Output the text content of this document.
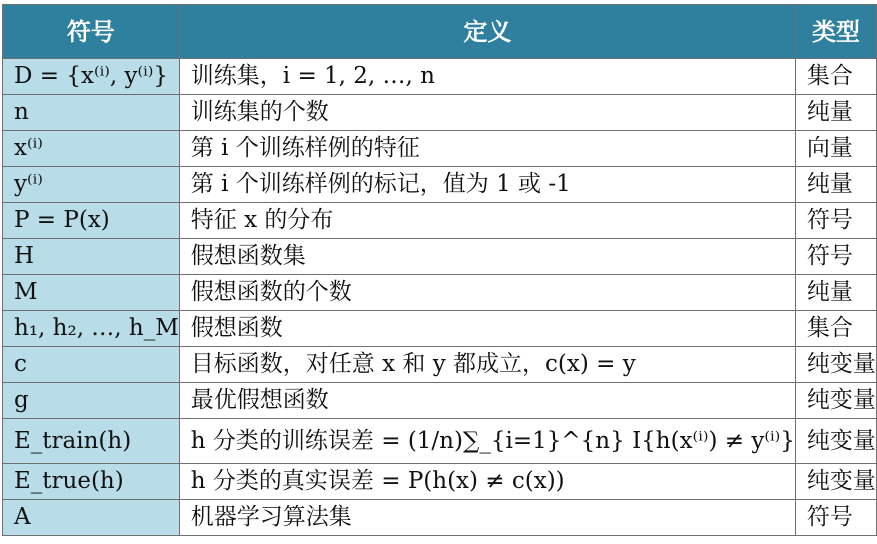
符号	定义	类型
D = {x⁽ⁱ⁾, y⁽ⁱ⁾}	训练集，i = 1, 2, …, n	集合
n	训练集的个数	纯量
x⁽ⁱ⁾	第 i 个训练样例的特征	向量
y⁽ⁱ⁾	第 i 个训练样例的标记，值为 1 或 -1	纯量
P = P(x)	特征 x 的分布	符号
H	假想函数集	符号
M	假想函数的个数	纯量
h₁, h₂, …, h_M	假想函数	集合
c	目标函数，对任意 x 和 y 都成立，c(x) = y	纯变量
g	最优假想函数	纯变量
E_train(h)	h 分类的训练误差 = (1/n)∑_{i=1}^{n} I{h(x⁽ⁱ⁾) ≠ y⁽ⁱ⁾}	纯变量
E_true(h)	h 分类的真实误差 = P(h(x) ≠ c(x))	纯变量
A	机器学习算法集	符号
